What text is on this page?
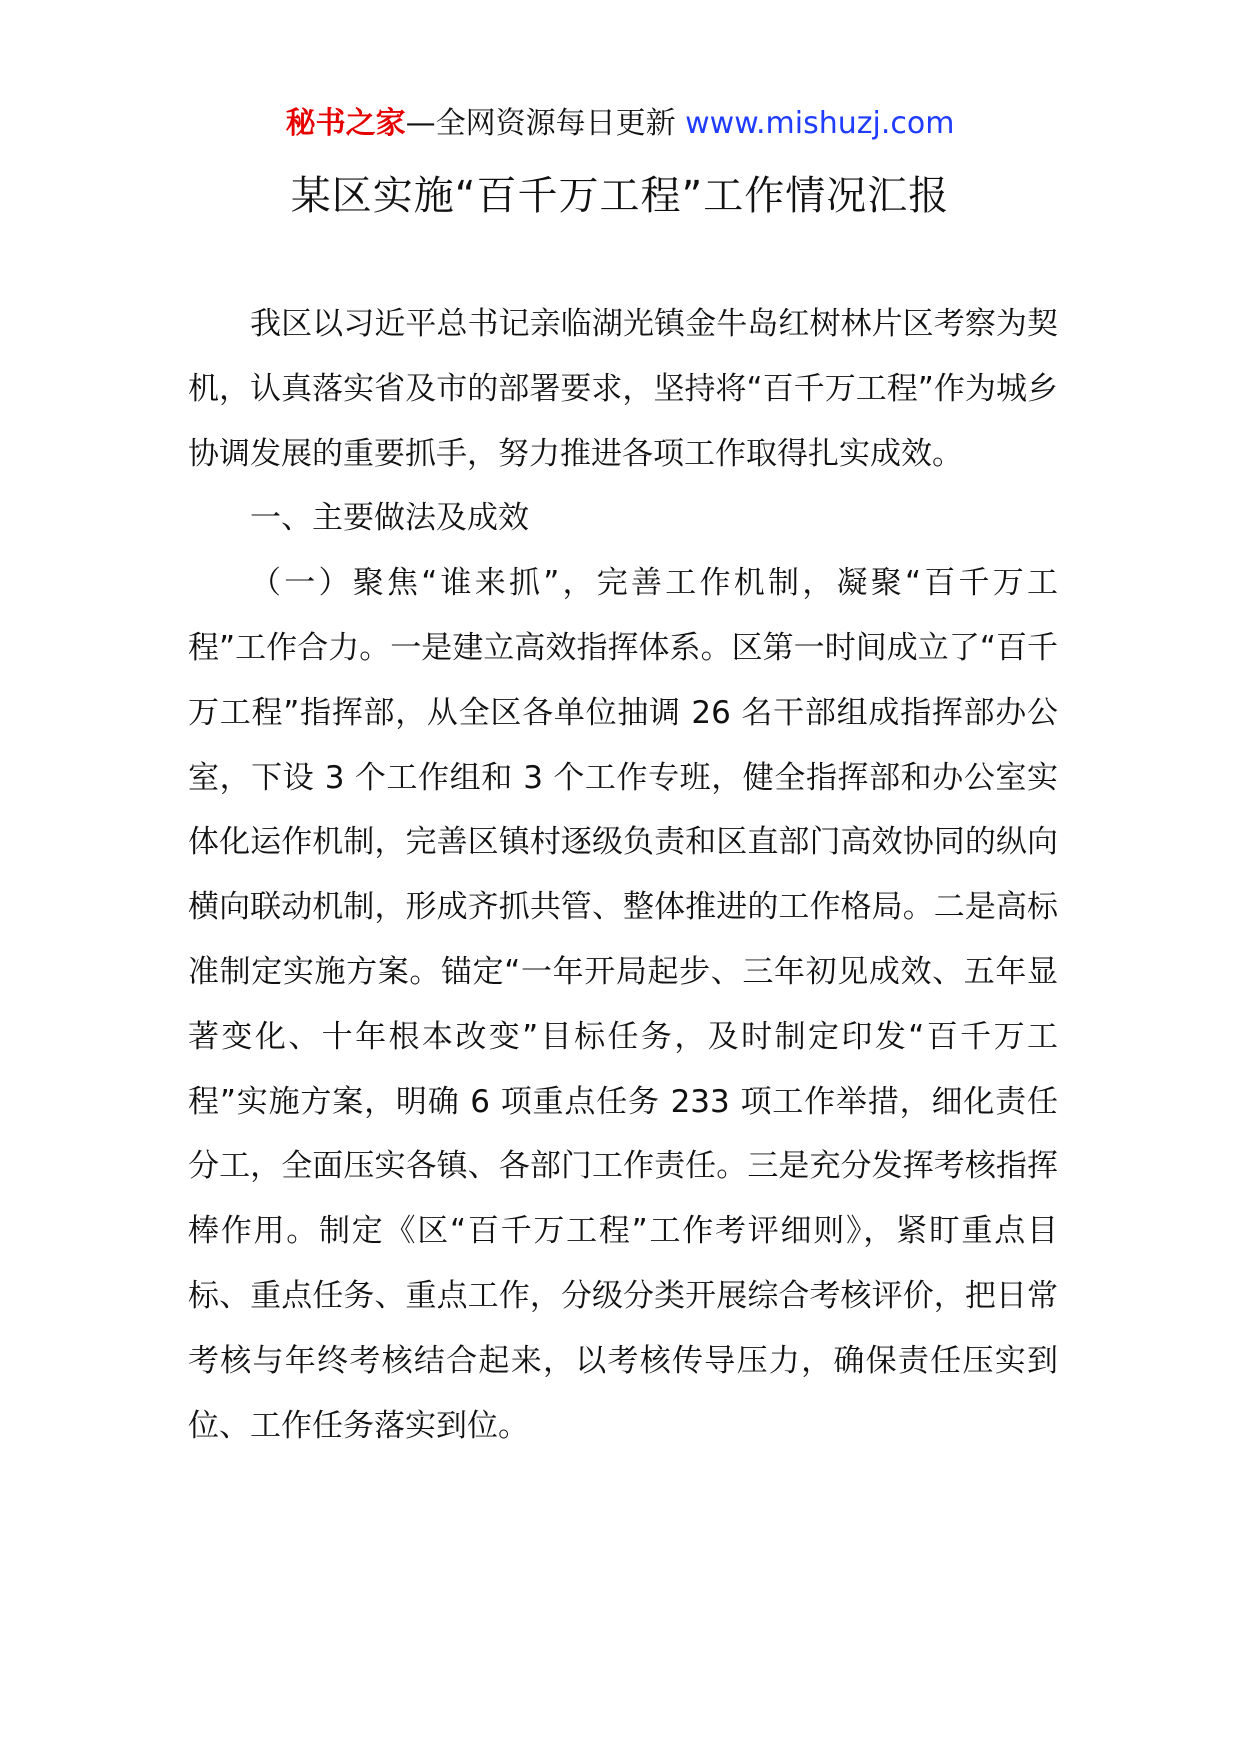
秘书之家—全网资源每日更新 www.mishuzj.com
某区实施“百千万工程”工作情况汇报

我区以习近平总书记亲临湖光镇金牛岛红树林片区考察为契机，认真落实省及市的部署要求，坚持将“百千万工程”作为城乡协调发展的重要抓手，努力推进各项工作取得扎实成效。

一、主要做法及成效

（一）聚焦“谁来抓”，完善工作机制，凝聚“百千万工程”工作合力。一是建立高效指挥体系。区第一时间成立了“百千万工程”指挥部，从全区各单位抽调 26 名干部组成指挥部办公室，下设 3 个工作组和 3 个工作专班，健全指挥部和办公室实体化运作机制，完善区镇村逐级负责和区直部门高效协同的纵向横向联动机制，形成齐抓共管、整体推进的工作格局。二是高标准制定实施方案。锚定“一年开局起步、三年初见成效、五年显著变化、十年根本改变”目标任务，及时制定印发“百千万工程”实施方案，明确 6 项重点任务 233 项工作举措，细化责任分工，全面压实各镇、各部门工作责任。三是充分发挥考核指挥棒作用。制定《区“百千万工程”工作考评细则》，紧盯重点目标、重点任务、重点工作，分级分类开展综合考核评价，把日常考核与年终考核结合起来，以考核传导压力，确保责任压实到位、工作任务落实到位。
